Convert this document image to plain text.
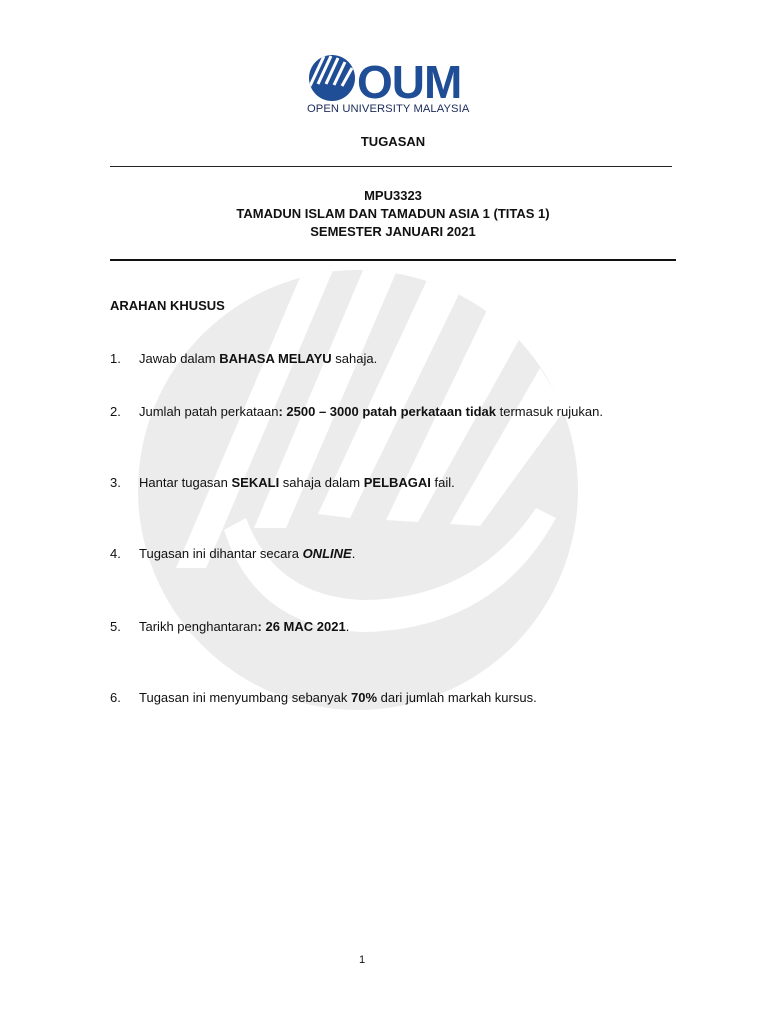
OUM
OPEN UNIVERSITY MALAYSIA
TUGASAN
MPU3323
TAMADUN ISLAM DAN TAMADUN ASIA 1 (TITAS 1)
SEMESTER JANUARI 2021
ARAHAN KHUSUS
1. Jawab dalam BAHASA MELAYU sahaja.
2. Jumlah patah perkataan: 2500 – 3000 patah perkataan tidak termasuk rujukan.
3. Hantar tugasan SEKALI sahaja dalam PELBAGAI fail.
4. Tugasan ini dihantar secara ONLINE.
5. Tarikh penghantaran: 26 MAC 2021.
6. Tugasan ini menyumbang sebanyak 70% dari jumlah markah kursus.
1
